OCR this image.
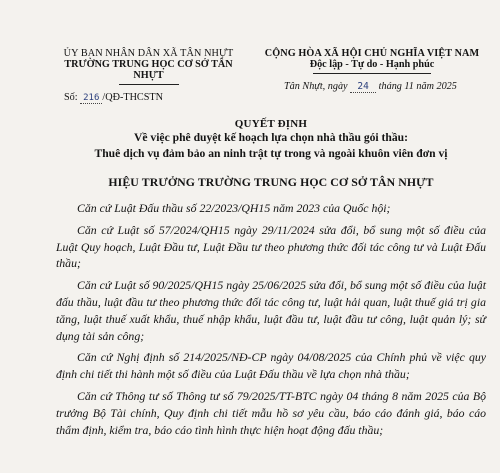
ỦY BAN NHÂN DÂN XÃ TÂN NHỰT
TRƯỜNG TRUNG HỌC CƠ SỞ TÂN NHỰT
Số: 216 /QĐ-THCSTN
CỘNG HÒA XÃ HỘI CHỦ NGHĨA VIỆT NAM
Độc lập - Tự do - Hạnh phúc
Tân Nhựt, ngày 24 tháng 11 năm 2025
QUYẾT ĐỊNH
Về việc phê duyệt kế hoạch lựa chọn nhà thầu gói thầu:
Thuê dịch vụ đảm bảo an ninh trật tự trong và ngoài khuôn viên đơn vị
HIỆU TRƯỞNG TRƯỜNG TRUNG HỌC CƠ SỞ TÂN NHỰT

Căn cứ Luật Đấu thầu số 22/2023/QH15 năm 2023 của Quốc hội;

Căn cứ Luật số 57/2024/QH15 ngày 29/11/2024 sửa đổi, bổ sung một số điều của Luật Quy hoạch, Luật Đầu tư, Luật Đầu tư theo phương thức đối tác công tư và Luật Đấu thầu;

Căn cứ Luật số 90/2025/QH15 ngày 25/06/2025 sửa đổi, bổ sung một số điều của luật đấu thầu, luật đầu tư theo phương thức đối tác công tư, luật hải quan, luật thuế giá trị gia tăng, luật thuế xuất khẩu, thuế nhập khẩu, luật đầu tư, luật đầu tư công, luật quản lý; sử dụng tài sản công;

Căn cứ Nghị định số 214/2025/NĐ-CP ngày 04/08/2025 của Chính phủ về việc quy định chi tiết thi hành một số điều của Luật Đấu thầu về lựa chọn nhà thầu;

Căn cứ Thông tư số Thông tư số 79/2025/TT-BTC ngày 04 tháng 8 năm 2025 của Bộ trưởng Bộ Tài chính, Quy định chi tiết mẫu hồ sơ yêu cầu, báo cáo đánh giá, báo cáo thẩm định, kiểm tra, báo cáo tình hình thực hiện hoạt động đấu thầu;
